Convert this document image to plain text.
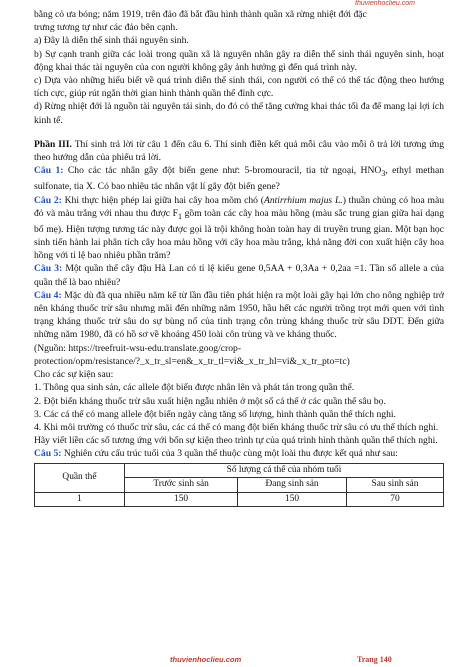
thuvienhoclieu.com

bằng cỏ ưa bóng; năm 1919, trên đảo đã bắt đầu hình thành quần xã rừng nhiệt đới đặc

trưng tương tự như các đảo bên cạnh.

a) Đây là diễn thế sinh thái nguyên sinh.

b) Sự cạnh tranh giữa các loài trong quần xã là nguyên nhân gây ra diễn thế sinh thái nguyên sinh, hoạt động khai thác tài nguyên của con người không gây ảnh hưởng gì đến quá trình này.

c) Dựa vào những hiểu biết về quá trình diễn thế sinh thái, con người có thể có thể tác động theo hướng tích cực, giúp rút ngắn thời gian hình thành quần thể đỉnh cực.

d) Rừng nhiệt đới là nguồn tài nguyên tái sinh, do đó có thể tăng cường khai thác tối đa để mang lại lợi ích kinh tế.

Phần III. Thí sinh trả lời từ câu 1 đến câu 6. Thí sinh điền kết quả mỗi câu vào mỗi ô trả lời tương ứng theo hướng dẫn của phiếu trả lời.

Câu 1: Cho các tác nhân gây đột biến gene như: 5-bromouracil, tia tử ngoại, $HNO_3$, ethyl methan sulfonate, tia X. Có bao nhiêu tác nhân vật lí gây đột biến gene?

Câu 2: Khi thực hiện phép lai giữa hai cây hoa mõm chó (Antirrhium majus L.) thuần chủng có hoa màu đỏ và màu trắng với nhau thu được $F_1$ gồm toàn các cây hoa màu hồng (màu sắc trung gian giữa hai dạng bố mẹ). Hiện tượng tương tác này được gọi là trội không hoàn toàn hay di truyền trung gian. Một bạn học sinh tiến hành lai phân tích cây hoa màu hồng với cây hoa màu trắng, khả năng đời con xuất hiện cây hoa hồng với tỉ lệ bao nhiêu phần trăm?

Câu 3: Một quần thể cây đậu Hà Lan có tỉ lệ kiểu gene 0,5AA + 0,3Aa + 0,2aa =1. Tần số allele a của quần thể là bao nhiêu?

Câu 4: Mặc dù đã qua nhiều năm kể từ lần đầu tiên phát hiện ra một loài gây hại lớn cho nông nghiệp trở nên kháng thuốc trừ sâu nhưng mãi đến những năm 1950, hầu hết các người trồng trọt mới quen với tình trạng kháng thuốc trừ sâu do sự bùng nổ của tình trạng côn trùng kháng thuốc trừ sâu DDT. Đến giữa những năm 1980, đã có hồ sơ về khoảng 450 loài côn trùng và ve kháng thuốc.

(Nguồn: https://treefruit-wsu-edu.translate.goog/crop-

protection/opm/resistance/?_x_tr_sl=en&_x_tr_tl=vi&_x_tr_hl=vi&_x_tr_pto=tc)

Cho các sự kiện sau:

1. Thông qua sinh sản, các allele đột biến được nhân lên và phát tán trong quần thể.

2. Đột biến kháng thuốc trừ sâu xuất hiện ngẫu nhiên ở một số cá thể ở các quần thể sâu bọ.

3. Các cá thể có mang allele đột biến ngày càng tăng số lượng, hình thành quần thể thích nghi.

4. Khi môi trường có thuốc trừ sâu, các cá thể có mang đột biến kháng thuốc trừ sâu có ưu thế thích nghi.

Hãy viết liền các số tương ứng với bốn sự kiện theo trình tự của quá trình hình thành quần thể thích nghi.

Câu 5: Nghiên cứu cấu trúc tuổi của 3 quần thể thuộc cùng một loài thu được kết quả như sau:

Quần thể	Số lượng cá thể của nhóm tuổi		
	Trước sinh sản	Đang sinh sản	Sau sinh sản
1	150	150	70
thuvienhoclieu.com	Trang 140
